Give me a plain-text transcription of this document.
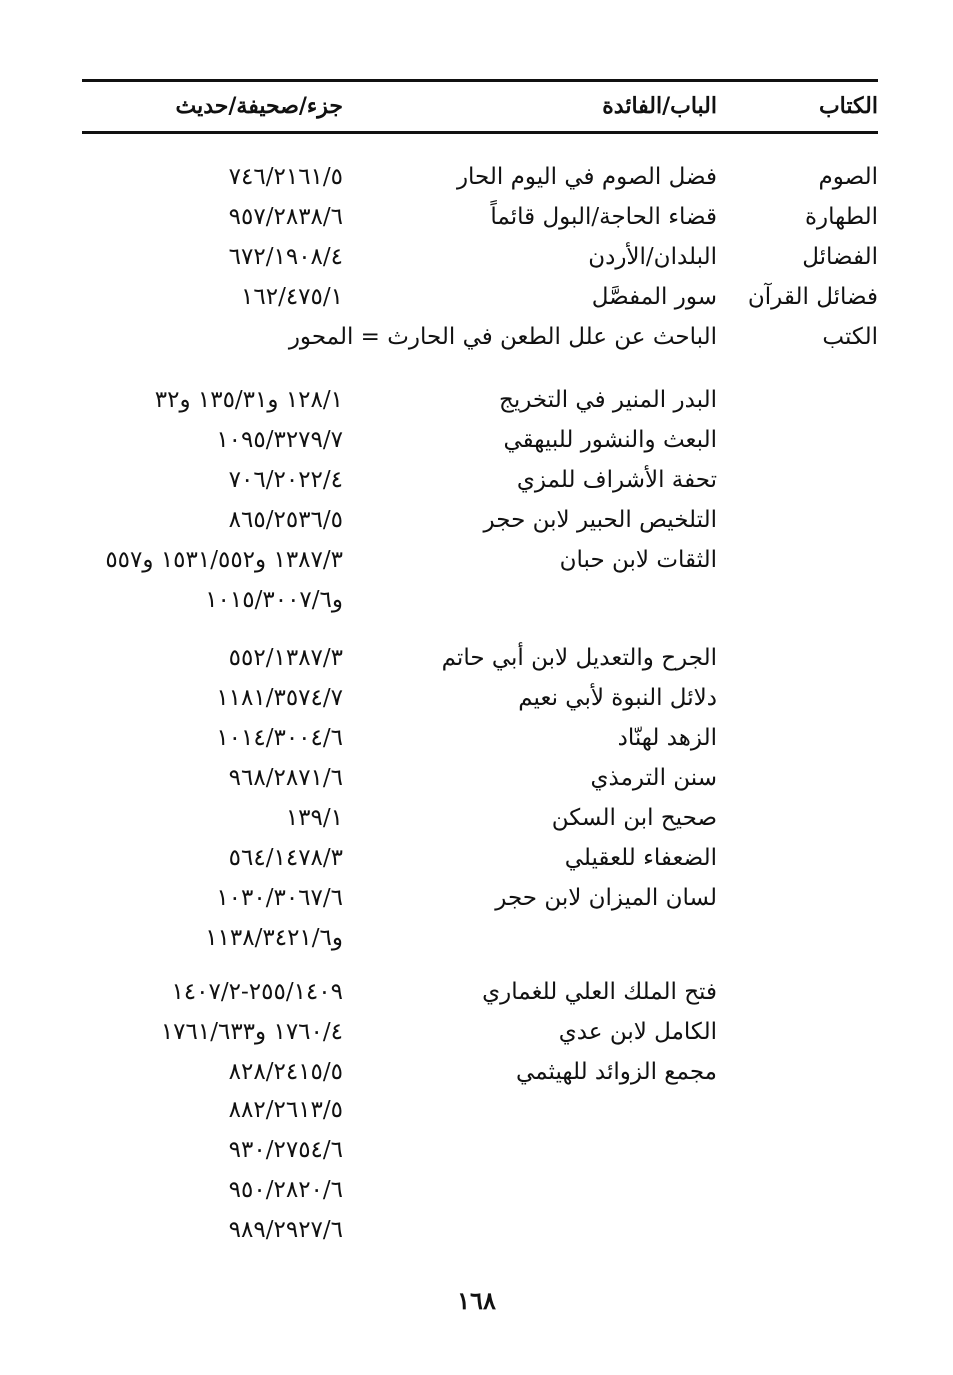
الكتاب
الباب/الفائدة
جزء/صحيفة/حديث
الصوم
فضل الصوم في اليوم الحار
٧٤٦/٢١٦١/٥
الطهارة
قضاء الحاجة/البول قائماً
٩٥٧/٢٨٣٨/٦
الفضائل
البلدان/الأردن
٦٧٢/١٩٠٨/٤
فضائل القرآن
سور المفصَّل
١٦٢/٤٧٥/١
الكتب
الباحث عن علل الطعن في الحارث = المحور
البدر المنير في التخريج
١٢٨/١ و١٣٥/٣١ و٣٢
البعث والنشور للبيهقي
١٠٩٥/٣٢٧٩/٧
تحفة الأشراف للمزي
٧٠٦/٢٠٢٢/٤
التلخيص الحبير لابن حجر
٨٦٥/٢٥٣٦/٥
الثقات لابن حبان
١٣٨٧/٣ و١٥٣١/٥٥٢ و٥٥٧
و١٠١٥/٣٠٠٧/٦
الجرح والتعديل لابن أبي حاتم
٥٥٢/١٣٨٧/٣
دلائل النبوة لأبي نعيم
١١٨١/٣٥٧٤/٧
الزهد لهنّاد
١٠١٤/٣٠٠٤/٦
سنن الترمذي
٩٦٨/٢٨٧١/٦
صحيح ابن السكن
١٣٩/١
الضعفاء للعقيلي
٥٦٤/١٤٧٨/٣
لسان الميزان لابن حجر
١٠٣٠/٣٠٦٧/٦
و١١٣٨/٣٤٢١/٦
فتح الملك العلي للغماري
٢٥٥/١٤٠٩-١٤٠٧/٢
الكامل لابن عدي
١٧٦٠/٤ و١٧٦١/٦٣٣
مجمع الزوائد للهيثمي
٨٢٨/٢٤١٥/٥
٨٨٢/٢٦١٣/٥
٩٣٠/٢٧٥٤/٦
٩٥٠/٢٨٢٠/٦
٩٨٩/٢٩٢٧/٦
١٦٨
